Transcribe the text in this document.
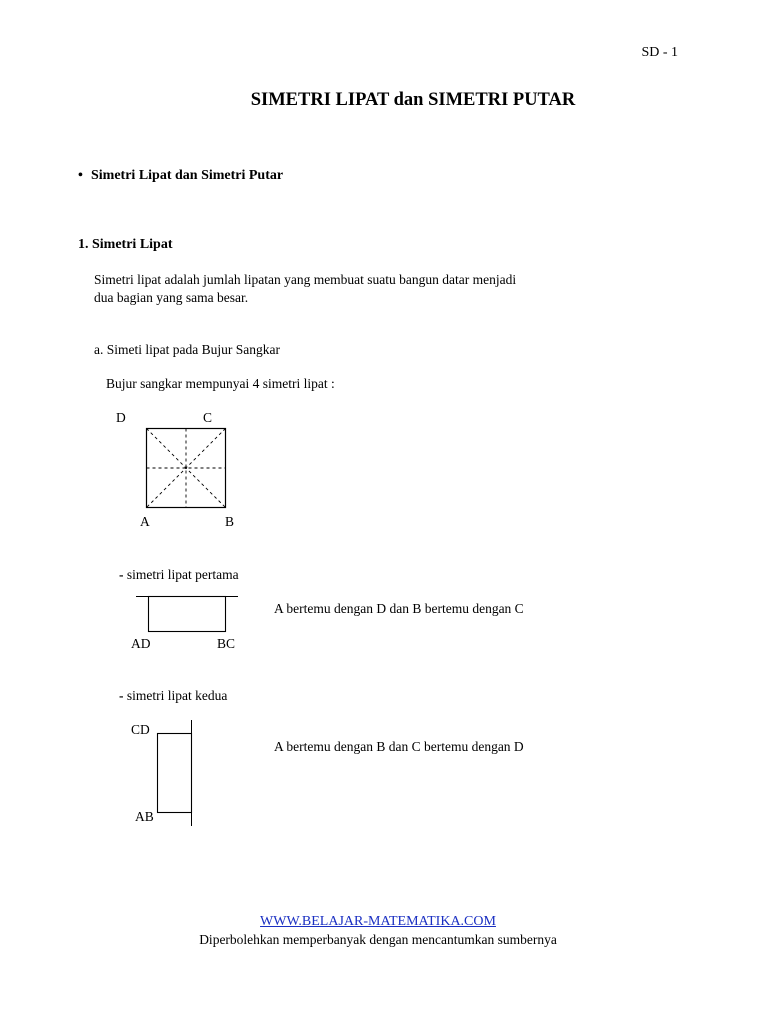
SD - 1
SIMETRI LIPAT dan SIMETRI PUTAR
• Simetri Lipat dan Simetri Putar
1. Simetri Lipat
Simetri lipat adalah jumlah lipatan yang membuat suatu bangun datar menjadi
dua bagian yang sama besar.
a. Simeti lipat pada Bujur Sangkar
Bujur sangkar mempunyai 4 simetri lipat :
D	C
A	B
- simetri lipat pertama
AD	BC
A bertemu dengan D dan B bertemu dengan C
- simetri lipat kedua
CD
AB
A bertemu dengan B dan C bertemu dengan D
WWW.BELAJAR-MATEMATIKA.COM
Diperbolehkan memperbanyak dengan mencantumkan sumbernya
